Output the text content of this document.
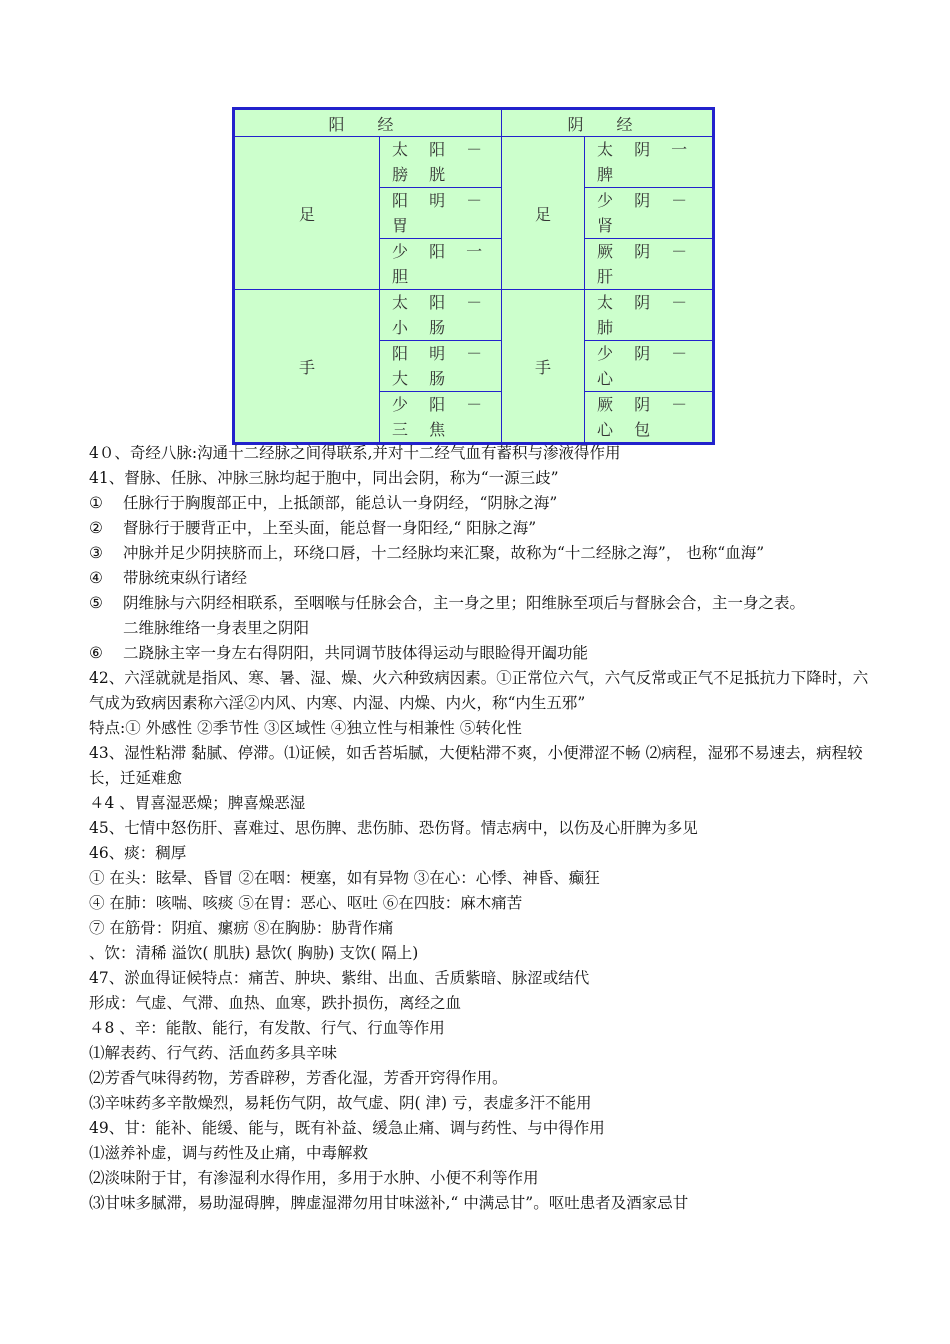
阳 经		阴 经	
足	太 阳 － 膀 胱	足	太 阴 一 脾
	阳 明 － 胃		少 阴 － 肾
	少 阳 一 胆		厥 阴 － 肝
手	太 阳 － 小 肠	手	太 阴 － 肺
	阳 明 － 大 肠		少 阴 － 心
	少 阳 － 三 焦		厥 阴 － 心 包
4０、奇经八脉:沟通十二经脉之间得联系,并对十二经气血有蓄积与渗液得作用
41、督脉、任脉、冲脉三脉均起于胞中，同出会阴，称为“一源三歧”
① 任脉行于胸腹部正中，上抵颌部，能总认一身阴经，“阴脉之海”
② 督脉行于腰背正中，上至头面，能总督一身阳经,“ 阳脉之海”
③ 冲脉并足少阴挟脐而上，环绕口唇，十二经脉均来汇聚，故称为“十二经脉之海”， 也称“血海”
④ 带脉统束纵行诸经
⑤ 阴维脉与六阴经相联系，至咽喉与任脉会合，主一身之里；阳维脉至项后与督脉会合，主一身之表。
二维脉维络一身表里之阴阳
⑥ 二跷脉主宰一身左右得阴阳，共同调节肢体得运动与眼睑得开阖功能
42、六淫就就是指风、寒、暑、湿、燥、火六种致病因素。①正常位六气，六气反常或正气不足抵抗力下降时，六气成为致病因素称六淫②内风、内寒、内湿、内燥、内火，称“内生五邪”
特点:① 外感性 ②季节性 ③区域性 ④独立性与相兼性 ⑤转化性
43、湿性粘滞 黏腻、停滞。⑴证候，如舌苔垢腻，大便粘滞不爽，小便滞涩不畅 ⑵病程，湿邪不易速去，病程较长，迁延难愈
４4 、胃喜湿恶燥；脾喜燥恶湿
45、七情中怒伤肝、喜难过、思伤脾、悲伤肺、恐伤肾。情志病中，以伤及心肝脾为多见
46、痰：稠厚
① 在头：眩晕、昏冒 ②在咽：梗塞，如有异物 ③在心：心悸、神昏、癫狂
④ 在肺：咳喘、咳痰 ⑤在胃：恶心、呕吐 ⑥在四肢：麻木痛苦
⑦ 在筋骨：阴疽、瘰疬 ⑧在胸胁：胁背作痛
、饮：清稀 溢饮( 肌肤) 悬饮( 胸胁) 支饮( 隔上)
47、淤血得证候特点：痛苦、肿块、紫绀、出血、舌质紫暗、脉涩或结代
形成：气虚、气滞、血热、血寒，跌扑损伤，离经之血
４8 、辛：能散、能行，有发散、行气、行血等作用
⑴解表药、行气药、活血药多具辛味
⑵芳香气味得药物，芳香辟秽，芳香化湿，芳香开窍得作用。
⑶辛味药多辛散燥烈，易耗伤气阴，故气虚、阴( 津) 亏，表虚多汗不能用
49、甘：能补、能缓、能与，既有补益、缓急止痛、调与药性、与中得作用
⑴滋养补虚，调与药性及止痛，中毒解救
⑵淡味附于甘，有渗湿利水得作用，多用于水肿、小便不利等作用
⑶甘味多腻滞，易助湿碍脾，脾虚湿滞勿用甘味滋补,“ 中满忌甘”。呕吐患者及酒家忌甘
